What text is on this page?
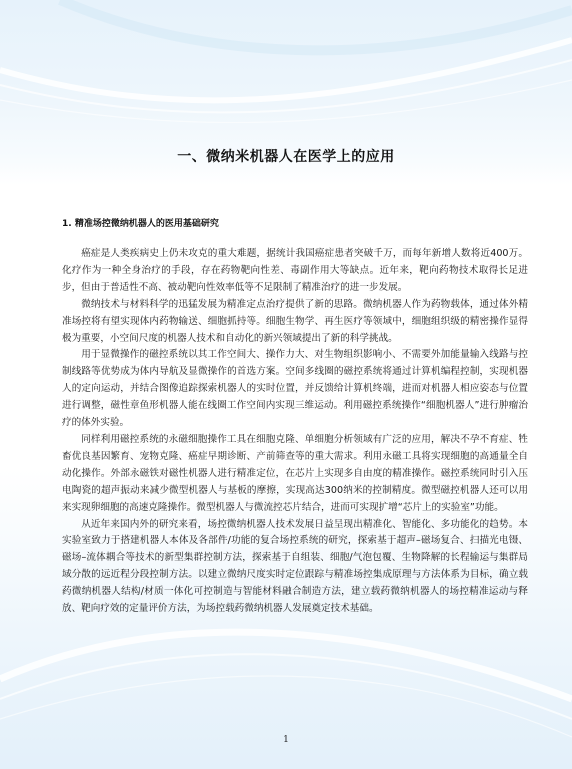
一、微纳米机器人在医学上的应用
1. 精准场控微纳机器人的医用基础研究

癌症是人类疾病史上仍未攻克的重大难题，据统计我国癌症患者突破千万，而每年新增人数将近400万。化疗作为一种全身治疗的手段，存在药物靶向性差、毒副作用大等缺点。近年来，靶向药物技术取得长足进步，但由于普适性不高、被动靶向性效率低等不足限制了精准治疗的进一步发展。

微纳技术与材料科学的迅猛发展为精准定点治疗提供了新的思路。微纳机器人作为药物载体，通过体外精准场控将有望实现体内药物输送、细胞抓持等。细胞生物学、再生医疗等领域中，细胞组织级的精密操作显得极为重要，小空间尺度的机器人技术和自动化的新兴领域提出了新的科学挑战。

用于显微操作的磁控系统以其工作空间大、操作力大、对生物组织影响小、不需要外加能量输入线路与控制线路等优势成为体内导航及显微操作的首选方案。空间多线圈的磁控系统将通过计算机编程控制，实现机器人的定向运动，并结合图像追踪探索机器人的实时位置，并反馈给计算机终端，进而对机器人相应姿态与位置进行调整，磁性章鱼形机器人能在线圈工作空间内实现三维运动。利用磁控系统操作“细胞机器人”进行肿瘤治疗的体外实验。

同样利用磁控系统的永磁细胞操作工具在细胞克隆、单细胞分析领域有广泛的应用，解决不孕不育症、牲畜优良基因繁育、宠物克隆、癌症早期诊断、产前筛查等的重大需求。利用永磁工具将实现细胞的高通量全自动化操作。外部永磁铁对磁性机器人进行精准定位，在芯片上实现多自由度的精准操作。磁控系统同时引入压电陶瓷的超声振动来减少微型机器人与基板的摩擦，实现高达300纳米的控制精度。微型磁控机器人还可以用来实现卵细胞的高速克隆操作。微型机器人与微流控芯片结合，进而可实现扩增“芯片上的实验室”功能。

从近年来国内外的研究来看，场控微纳机器人技术发展日益呈现出精准化、智能化、多功能化的趋势。本实验室致力于搭建机器人本体及各部件/功能的复合场控系统的研究，探索基于超声–磁场复合、扫描光电镊、磁场–流体耦合等技术的新型集群控制方法，探索基于自组装、细胞/气泡包覆、生物降解的长程输运与集群局域分散的远近程分段控制方法。以建立微纳尺度实时定位跟踪与精准场控集成原理与方法体系为目标，确立载药微纳机器人结构/材质一体化可控制造与智能材料融合制造方法，建立载药微纳机器人的场控精准运动与释放、靶向疗效的定量评价方法，为场控载药微纳机器人发展奠定技术基础。

1
